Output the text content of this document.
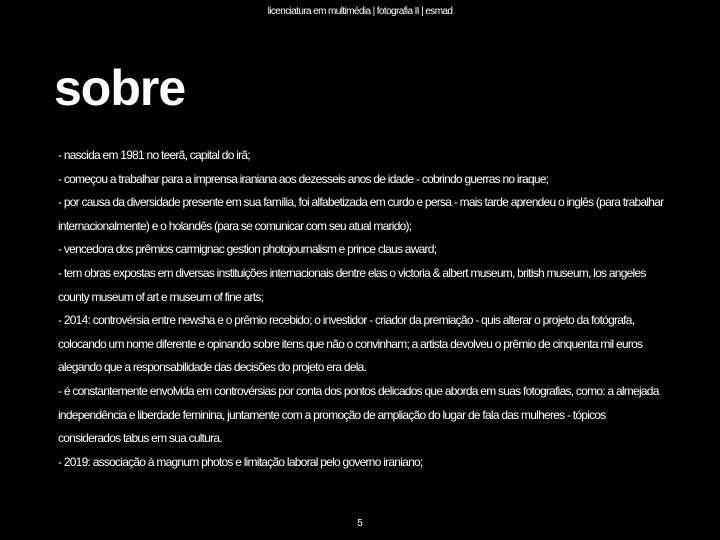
licenciatura em multimédia | fotografia II | esmad
sobre
- nascida em 1981 no teerã, capital do irã;
- começou a trabalhar para a imprensa iraniana aos dezesseis anos de idade - cobrindo guerras no iraque;
- por causa da diversidade presente em sua família, foi alfabetizada em curdo e persa - mais tarde aprendeu o inglês (para trabalhar internacionalmente) e o holandês (para se comunicar com seu atual marido);
- vencedora dos prêmios carmignac gestion photojournalism e prince claus award;
- tem obras expostas em diversas instituições internacionais dentre elas o victoria & albert museum, british museum, los angeles county museum of art e museum of fine arts;
- 2014: controvérsia entre newsha e o prêmio recebido; o investidor - criador da premiação - quis alterar o projeto da fotógrafa, colocando um nome diferente e opinando sobre itens que não o convinham; a artista devolveu o prêmio de cinquenta mil euros alegando que a responsabilidade das decisões do projeto era dela.
- é constantemente envolvida em controvérsias por conta dos pontos delicados que aborda em suas fotografias, como: a almejada independência e liberdade feminina, juntamente com a promoção de ampliação do lugar de fala das mulheres - tópicos considerados tabus em sua cultura.
- 2019: associação à magnum photos e limitação laboral pelo governo iraniano;
5
